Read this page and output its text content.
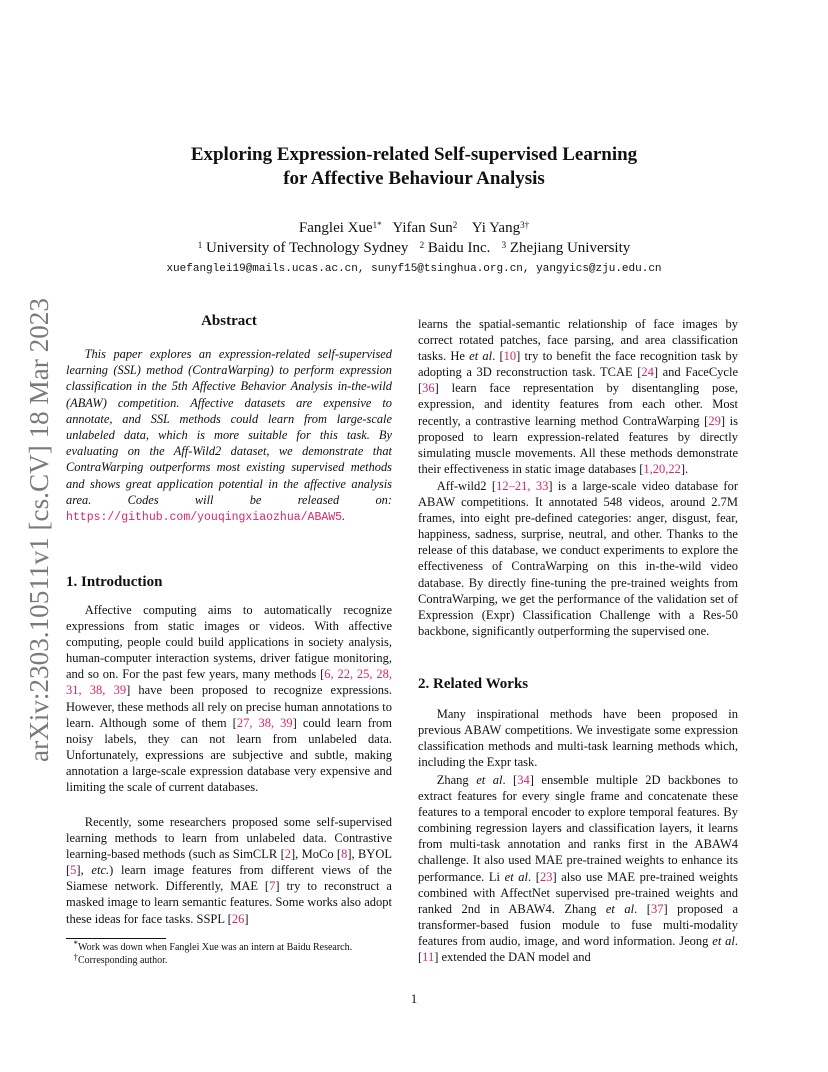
arXiv:2303.10511v1 [cs.CV] 18 Mar 2023
Exploring Expression-related Self-supervised Learning
for Affective Behaviour Analysis
Fanglei Xue$^{1*}$ Yifan Sun$^2$ Yi Yang$^{3\dagger}$
$^1$ University of Technology Sydney $^2$ Baidu Inc. $^3$ Zhejiang University
xuefanglei19@mails.ucas.ac.cn, sunyf15@tsinghua.org.cn, yangyics@zju.edu.cn
Abstract

This paper explores an expression-related self-supervised learning (SSL) method (ContraWarping) to perform expression classification in the 5th Affective Behavior Analysis in-the-wild (ABAW) competition. Affective datasets are expensive to annotate, and SSL methods could learn from large-scale unlabeled data, which is more suitable for this task. By evaluating on the Aff-Wild2 dataset, we demonstrate that ContraWarping outperforms most existing supervised methods and shows great application potential in the affective analysis area. Codes will be released on: https://github.com/youqingxiaozhua/ABAW5.

1. Introduction

Affective computing aims to automatically recognize expressions from static images or videos. With affective computing, people could build applications in society analysis, human-computer interaction systems, driver fatigue monitoring, and so on. For the past few years, many methods [6, 22, 25, 28, 31, 38, 39] have been proposed to recognize expressions. However, these methods all rely on precise human annotations to learn. Although some of them [27, 38, 39] could learn from noisy labels, they can not learn from unlabeled data. Unfortunately, expressions are subjective and subtle, making annotation a large-scale expression database very expensive and limiting the scale of current databases.

Recently, some researchers proposed some self-supervised learning methods to learn from unlabeled data. Contrastive learning-based methods (such as SimCLR [2], MoCo [8], BYOL [5], etc.) learn image features from different views of the Siamese network. Differently, MAE [7] try to reconstruct a masked image to learn semantic features. Some works also adopt these ideas for face tasks. SSPL [26]

*Work was down when Fanglei Xue was an intern at Baidu Research.
†Corresponding author.

learns the spatial-semantic relationship of face images by correct rotated patches, face parsing, and area classification tasks. He et al. [10] try to benefit the face recognition task by adopting a 3D reconstruction task. TCAE [24] and FaceCycle [36] learn face representation by disentangling pose, expression, and identity features from each other. Most recently, a contrastive learning method ContraWarping [29] is proposed to learn expression-related features by directly simulating muscle movements. All these methods demonstrate their effectiveness in static image databases [1,20,22].

Aff-wild2 [12–21, 33] is a large-scale video database for ABAW competitions. It annotated 548 videos, around 2.7M frames, into eight pre-defined categories: anger, disgust, fear, happiness, sadness, surprise, neutral, and other. Thanks to the release of this database, we conduct experiments to explore the effectiveness of ContraWarping on this in-the-wild video database. By directly fine-tuning the pre-trained weights from ContraWarping, we get the performance of the validation set of Expression (Expr) Classification Challenge with a Res-50 backbone, significantly outperforming the supervised one.

2. Related Works

Many inspirational methods have been proposed in previous ABAW competitions. We investigate some expression classification methods and multi-task learning methods which, including the Expr task.

Zhang et al. [34] ensemble multiple 2D backbones to extract features for every single frame and concatenate these features to a temporal encoder to explore temporal features. By combining regression layers and classification layers, it learns from multi-task annotation and ranks first in the ABAW4 challenge. It also used MAE pre-trained weights to enhance its performance. Li et al. [23] also use MAE pre-trained weights combined with AffectNet supervised pre-trained weights and ranked 2nd in ABAW4. Zhang et al. [37] proposed a transformer-based fusion module to fuse multi-modality features from audio, image, and word information. Jeong et al. [11] extended the DAN model and

1
